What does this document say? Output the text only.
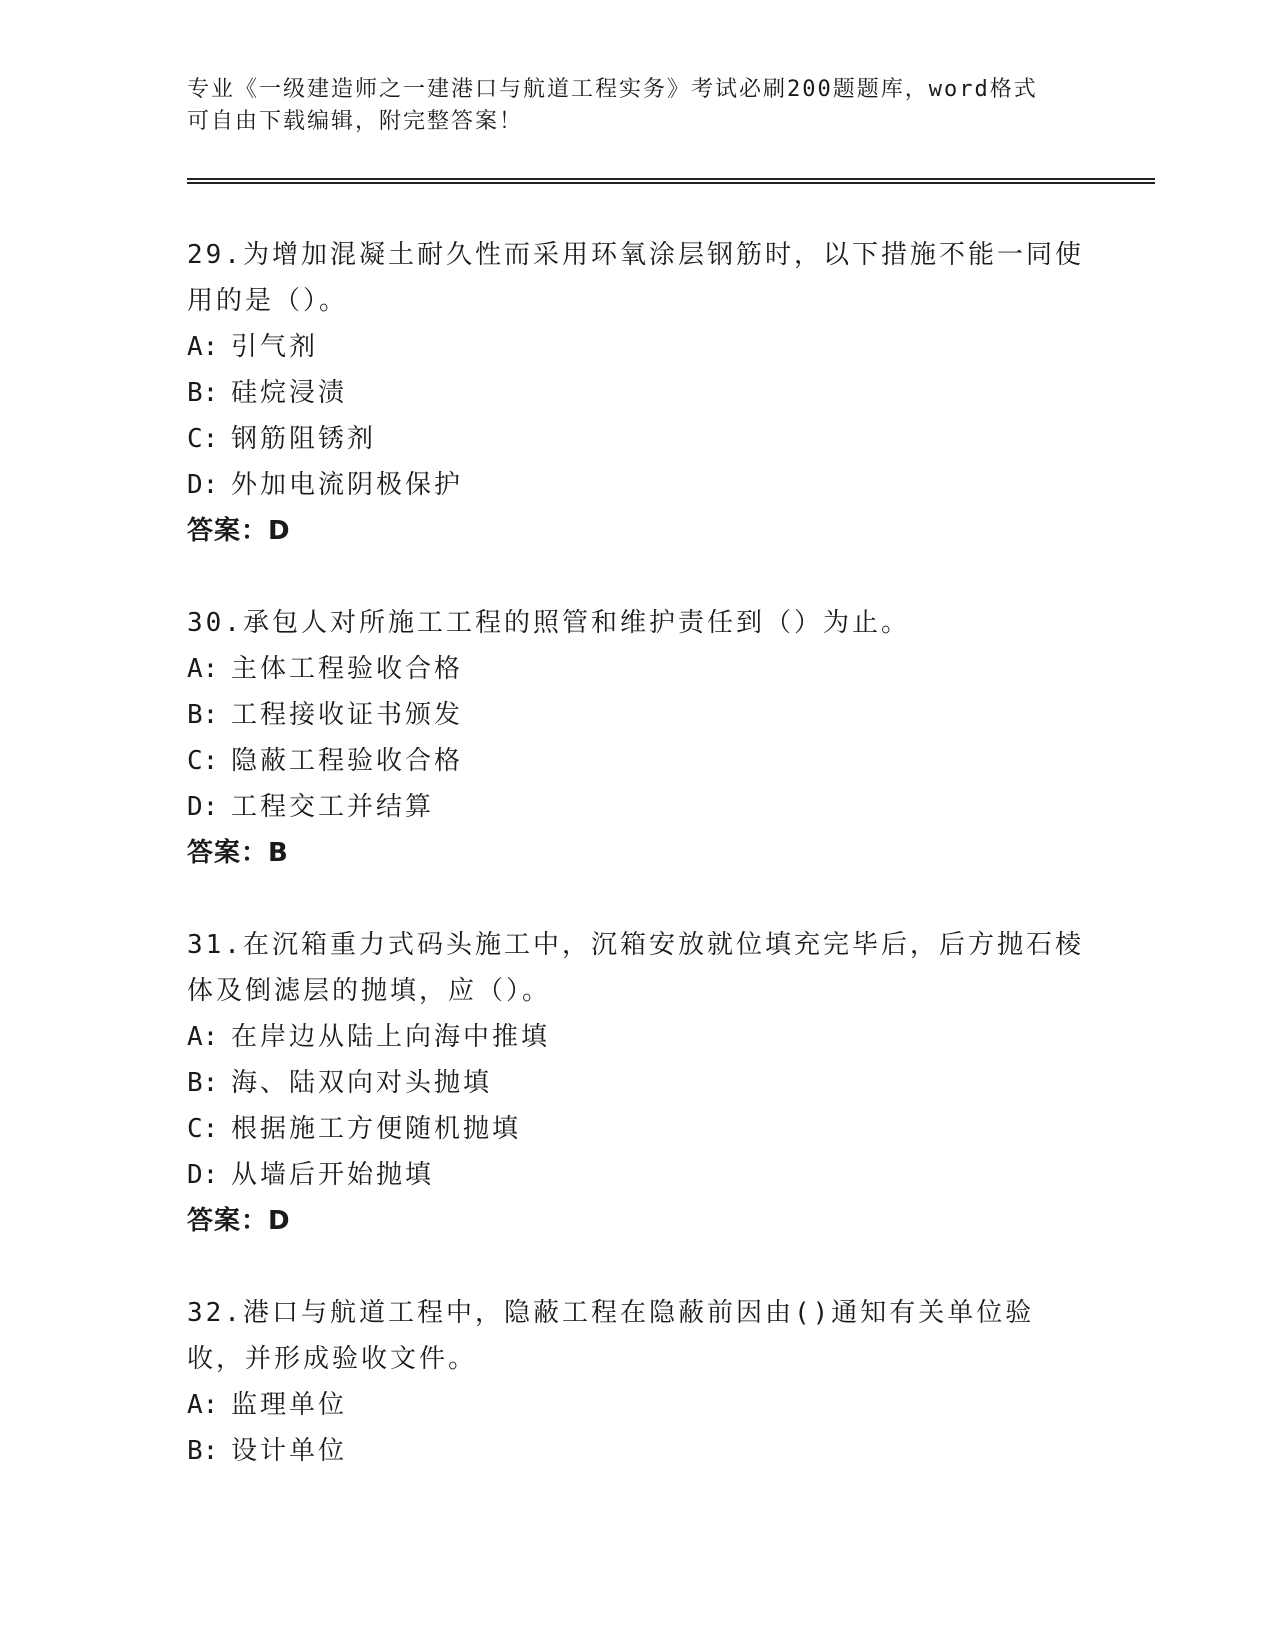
专业《一级建造师之一建港口与航道工程实务》考试必刷200题题库，word格式
可自由下载编辑，附完整答案！

29.为增加混凝土耐久性而采用环氧涂层钢筋时，以下措施不能一同使用的是（）。

A: 引气剂

B: 硅烷浸渍

C: 钢筋阻锈剂

D: 外加电流阴极保护

答案：D

30.承包人对所施工工程的照管和维护责任到（）为止。

A: 主体工程验收合格

B: 工程接收证书颁发

C: 隐蔽工程验收合格

D: 工程交工并结算

答案：B

31.在沉箱重力式码头施工中，沉箱安放就位填充完毕后，后方抛石棱体及倒滤层的抛填，应（）。

A: 在岸边从陆上向海中推填

B: 海、陆双向对头抛填

C: 根据施工方便随机抛填

D: 从墙后开始抛填

答案：D

32.港口与航道工程中，隐蔽工程在隐蔽前因由()通知有关单位验收，并形成验收文件。

A: 监理单位

B: 设计单位
